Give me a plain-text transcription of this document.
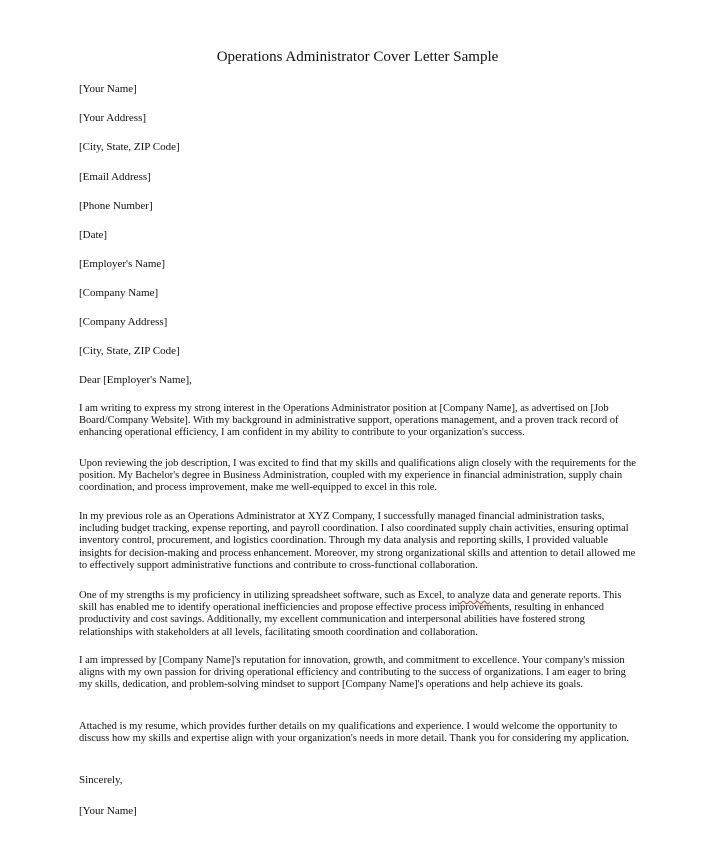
Operations Administrator Cover Letter Sample
[Your Name]
[Your Address]
[City, State, ZIP Code]
[Email Address]
[Phone Number]
[Date]
[Employer's Name]
[Company Name]
[Company Address]
[City, State, ZIP Code]
Dear [Employer's Name],
I am writing to express my strong interest in the Operations Administrator position at [Company Name], as advertised on [Job Board/Company Website]. With my background in administrative support, operations management, and a proven track record of enhancing operational efficiency, I am confident in my ability to contribute to your organization's success.
Upon reviewing the job description, I was excited to find that my skills and qualifications align closely with the requirements for the position. My Bachelor's degree in Business Administration, coupled with my experience in financial administration, supply chain coordination, and process improvement, make me well-equipped to excel in this role.
In my previous role as an Operations Administrator at XYZ Company, I successfully managed financial administration tasks, including budget tracking, expense reporting, and payroll coordination. I also coordinated supply chain activities, ensuring optimal inventory control, procurement, and logistics coordination. Through my data analysis and reporting skills, I provided valuable insights for decision-making and process enhancement. Moreover, my strong organizational skills and attention to detail allowed me to effectively support administrative functions and contribute to cross-functional collaboration.
One of my strengths is my proficiency in utilizing spreadsheet software, such as Excel, to analyze data and generate reports. This skill has enabled me to identify operational inefficiencies and propose effective process improvements, resulting in enhanced productivity and cost savings. Additionally, my excellent communication and interpersonal abilities have fostered strong relationships with stakeholders at all levels, facilitating smooth coordination and collaboration.
I am impressed by [Company Name]'s reputation for innovation, growth, and commitment to excellence. Your company's mission aligns with my own passion for driving operational efficiency and contributing to the success of organizations. I am eager to bring my skills, dedication, and problem-solving mindset to support [Company Name]'s operations and help achieve its goals.
Attached is my resume, which provides further details on my qualifications and experience. I would welcome the opportunity to discuss how my skills and expertise align with your organization's needs in more detail. Thank you for considering my application.
Sincerely,
[Your Name]
